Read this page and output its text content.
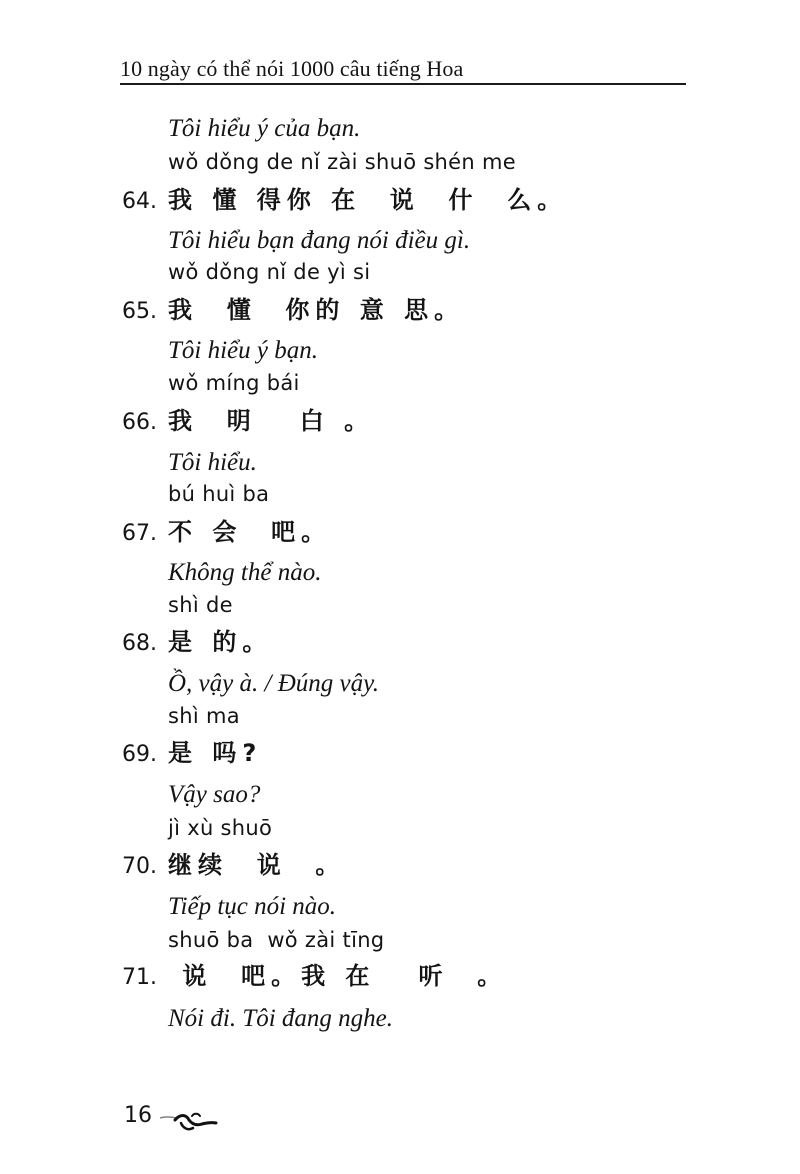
10 ngày có thể nói 1000 câu tiếng Hoa
Tôi hiểu ý của bạn.
wǒ dǒng de nǐ zài shuō shén me
64. 我 懂 得你 在  说  什  么。
Tôi hiểu bạn đang nói điều gì.
wǒ dǒng nǐ de yì si
65. 我  懂  你的 意 思。
Tôi hiểu ý bạn.
wǒ míng bái
66. 我  明   白 。
Tôi hiểu.
bú huì ba
67. 不 会  吧。
Không thể nào.
shì de
68. 是 的。
Ồ, vậy à. / Đúng vậy.
shì ma
69. 是 吗?
Vậy sao?
jì xù shuō
70. 继续  说  。
Tiếp tục nói nào.
shuō ba  wǒ zài tīng
71. 说  吧。我 在   听  。
Nói đi. Tôi đang nghe.
16
